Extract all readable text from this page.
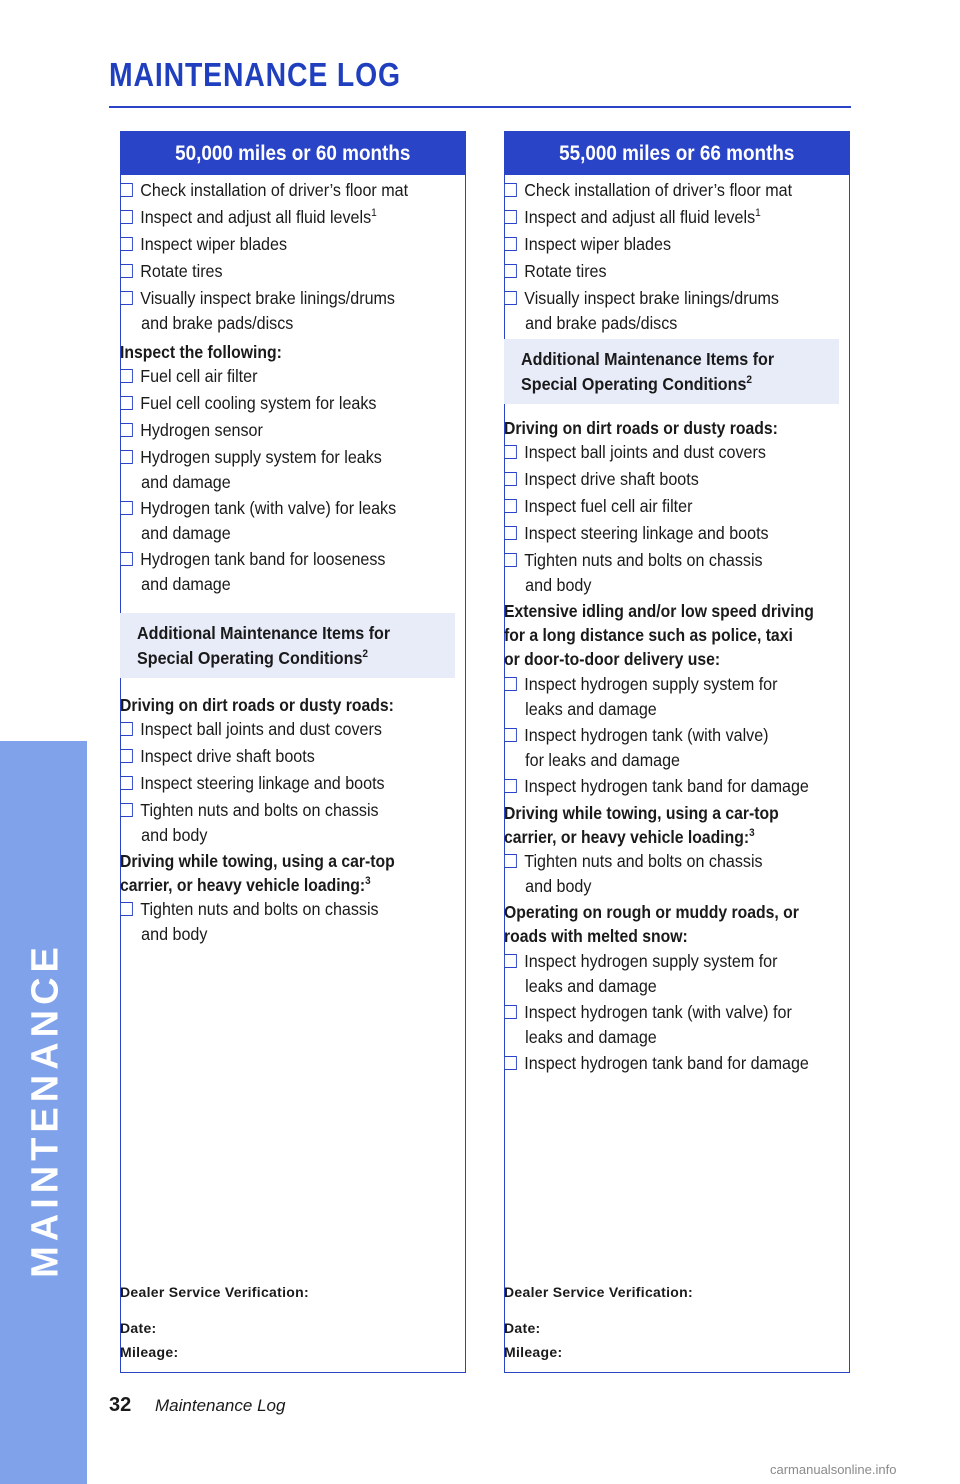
MAINTENANCE LOG
MAINTENANCE
50,000 miles or 60 months
Check installation of driver’s floor mat
Inspect and adjust all fluid levels$^1$
Inspect wiper blades
Rotate tires
Visually inspect brake linings/drums
and brake pads/discs
Inspect the following:
Fuel cell air filter
Fuel cell cooling system for leaks
Hydrogen sensor
Hydrogen supply system for leaks
and damage
Hydrogen tank (with valve) for leaks
and damage
Hydrogen tank band for looseness
and damage
Additional Maintenance Items for
Special Operating Conditions$^2$
Driving on dirt roads or dusty roads:
Inspect ball joints and dust covers
Inspect drive shaft boots
Inspect steering linkage and boots
Tighten nuts and bolts on chassis
and body
Driving while towing, using a car-top
carrier, or heavy vehicle loading:$^3$
Tighten nuts and bolts on chassis
and body
Dealer Service Verification:
Date:
Mileage:
55,000 miles or 66 months
Check installation of driver’s floor mat
Inspect and adjust all fluid levels$^1$
Inspect wiper blades
Rotate tires
Visually inspect brake linings/drums
and brake pads/discs
Additional Maintenance Items for
Special Operating Conditions$^2$
Driving on dirt roads or dusty roads:
Inspect ball joints and dust covers
Inspect drive shaft boots
Inspect fuel cell air filter
Inspect steering linkage and boots
Tighten nuts and bolts on chassis
and body
Extensive idling and/or low speed driving
for a long distance such as police, taxi
or door-to-door delivery use:
Inspect hydrogen supply system for
leaks and damage
Inspect hydrogen tank (with valve)
for leaks and damage
Inspect hydrogen tank band for damage
Driving while towing, using a car-top
carrier, or heavy vehicle loading:$^3$
Tighten nuts and bolts on chassis
and body
Operating on rough or muddy roads, or
roads with melted snow:
Inspect hydrogen supply system for
leaks and damage
Inspect hydrogen tank (with valve) for
leaks and damage
Inspect hydrogen tank band for damage
Dealer Service Verification:
Date:
Mileage:
32 Maintenance Log
carmanualsonline.info
